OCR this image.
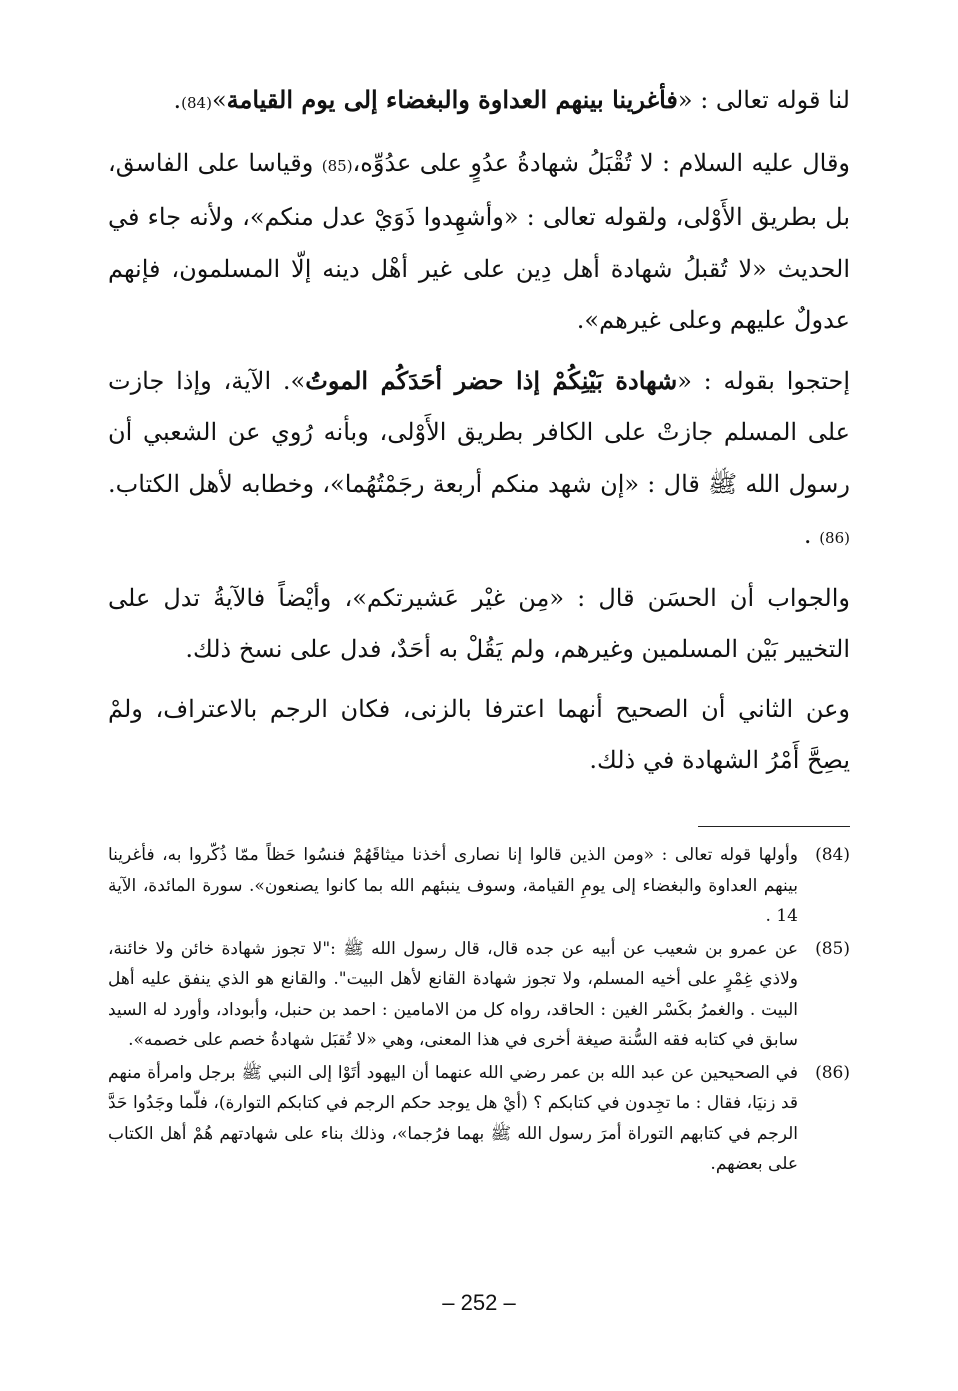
لنا قوله تعالى : «فأغرينا بينهم العداوة والبغضاء إلى يوم القيامة»(84).

وقال عليه السلام : لا تُقْبَلُ شهادةُ عدُوٍ على عدُوِّه،(85) وقياسا على الفاسق، بل بطريق الأَوْلى، ولقوله تعالى : «وأشهِدوا ذَوَيْ عدل منكم»، ولأنه جاء في الحديث «لا تُقبلُ شهادة أهل دِين على غير أهْل دينه إلّا المسلمون، فإنهم عدولٌ عليهم وعلى غيرهم».

إحتجوا بقوله : «شهادة بَيْنِكُمْ إذا حضر أحَدَكُم الموتُ». الآية، وإذا جازت على المسلم جازتْ على الكافر بطريق الأَوْلى، وبأنه رُوي عن الشعبي أن رسول الله ﷺ قال : «إن شهد منكم أربعة رجَمْتُهُما»، وخطابه لأهل الكتاب.(86) .

والجواب أن الحسَن قال : «مِن غيْر عَشيرتكم»، وأيْضاً فالآيةُ تدل على التخيير بَيْن المسلمين وغيرهم، ولم يَقُلْ به أحَدٌ، فدل على نسخ ذلك.

وعن الثاني أن الصحيح أنهما اعترفا بالزنى، فكان الرجم بالاعتراف، ولمْ يصِحَّ أَمْرُ الشهادة في ذلك.

(84)
وأولها قوله تعالى : «ومن الذين قالوا إنا نصارى أخذنا ميثاقَهُمْ فنسُوا حَظاً ممّا ذُكّروا به، فأغرينا بينهم العداوة والبغضاء إلى يومِ القيامة، وسوف ينبئهم الله بما كانوا يصنعون». سورة المائدة، الآية 14 .
(85)
عن عمرو بن شعيب عن أبيه عن جده قال، قال رسول الله ﷺ :"لا تجوز شهادة خائن ولا خائنة، ولاذي غِمْرٍ على أخيه المسلم، ولا تجوز شهادة القانع لأهل البيت". والقانع هو الذي ينفق عليه أهل البيت . والغمرُ بكَسْر الغين : الحاقد، رواه كل من الامامين : احمد بن حنبل، وأبوداد، وأورد له السيد سابق في كتابه فقه السُّنة صيغة أخرى في هذا المعنى، وهي «لا تُقبَل شهادةُ خصم على خصمه».
(86)
في الصحيحين عن عبد الله بن عمر رضي الله عنهما أن اليهود أتَوْا إلى النبي ﷺ برجل وامرأة منهم قد زنيَا، فقال : ما تجِدون في كتابكم ؟ (أيْ هل يوجد حكم الرجم في كتابكم التوارة)، فلّما وجَدُوا حَدَّ الرجم في كتابهم التوراة أمرَ رسول الله ﷺ بهما فرُجما»، وذلك بناء على شهادتهم هُمْ أهل الكتاب على بعضهم.
– 252 –
